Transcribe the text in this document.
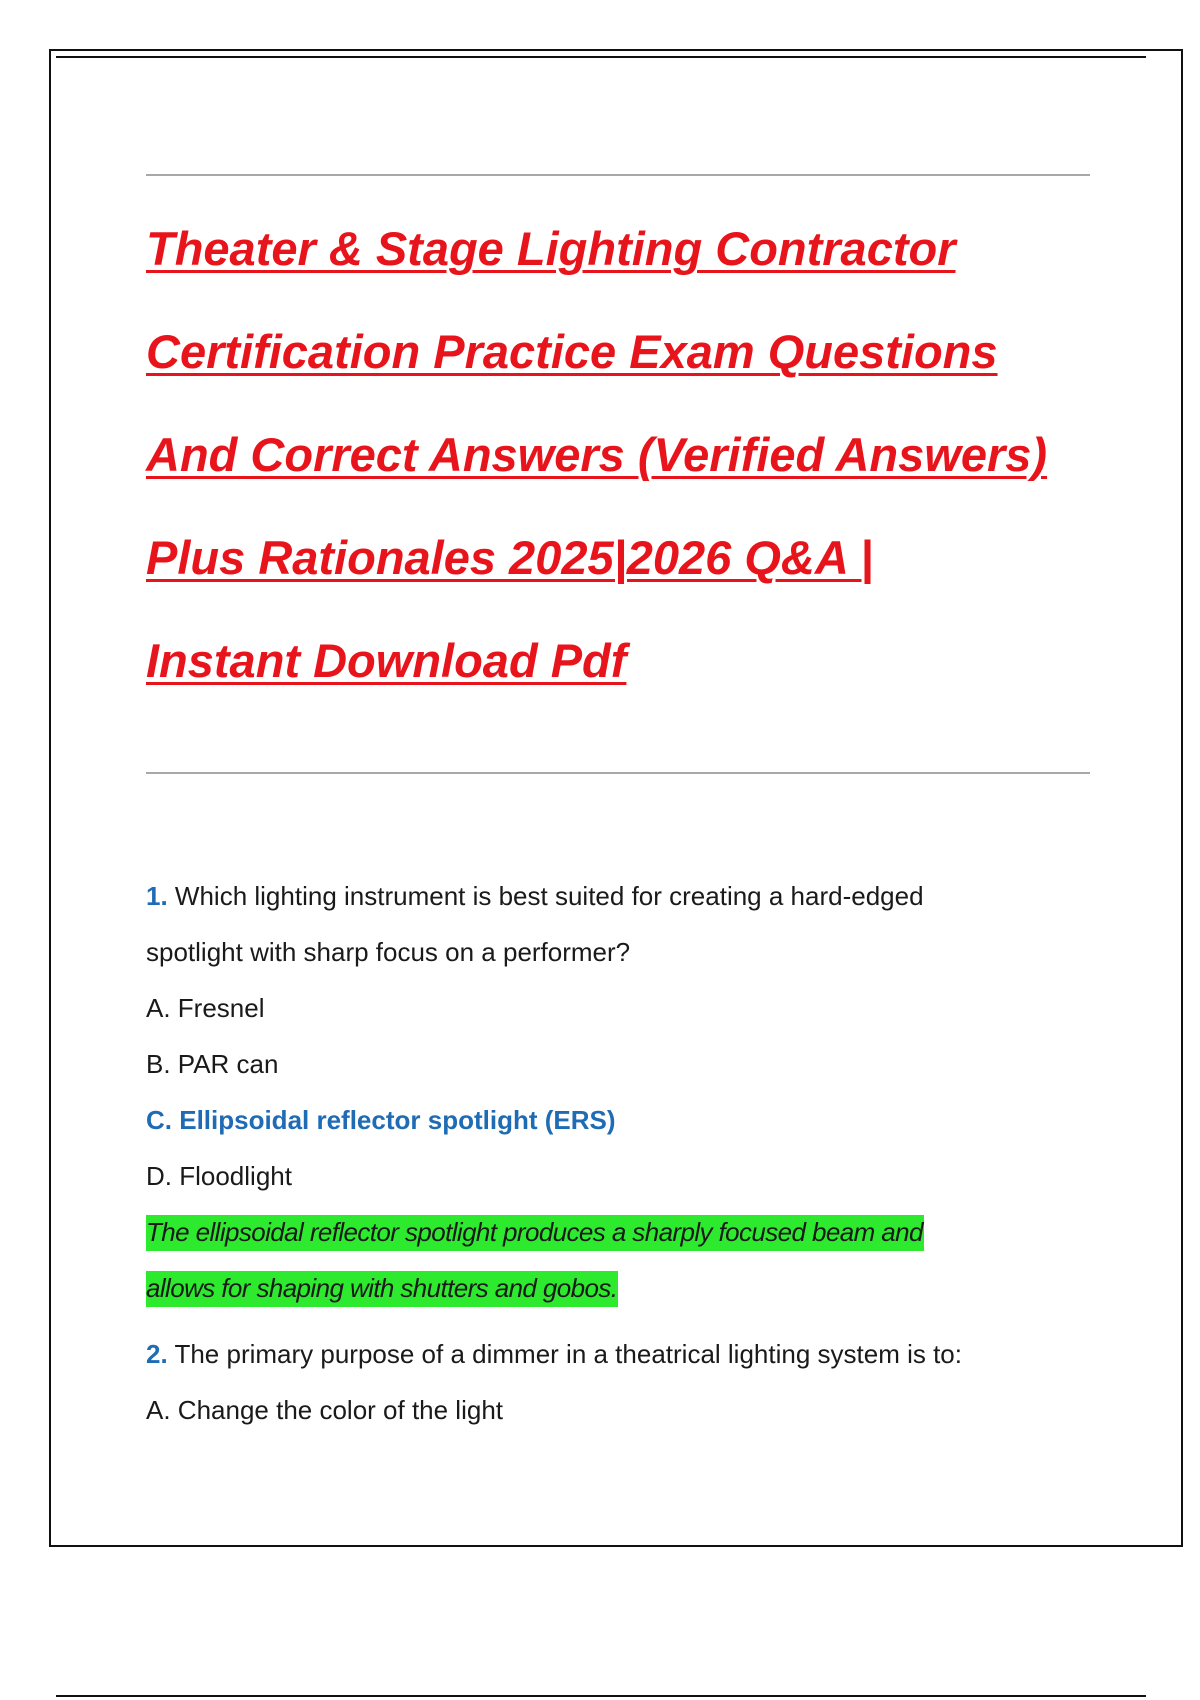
Theater & Stage Lighting Contractor
Certification Practice Exam Questions
And Correct Answers (Verified Answers)
Plus Rationales 2025|2026 Q&A |
Instant Download Pdf
1. Which lighting instrument is best suited for creating a hard-edged
spotlight with sharp focus on a performer?
A. Fresnel
B. PAR can
C. Ellipsoidal reflector spotlight (ERS)
D. Floodlight
The ellipsoidal reflector spotlight produces a sharply focused beam and
allows for shaping with shutters and gobos.
2. The primary purpose of a dimmer in a theatrical lighting system is to:
A. Change the color of the light
